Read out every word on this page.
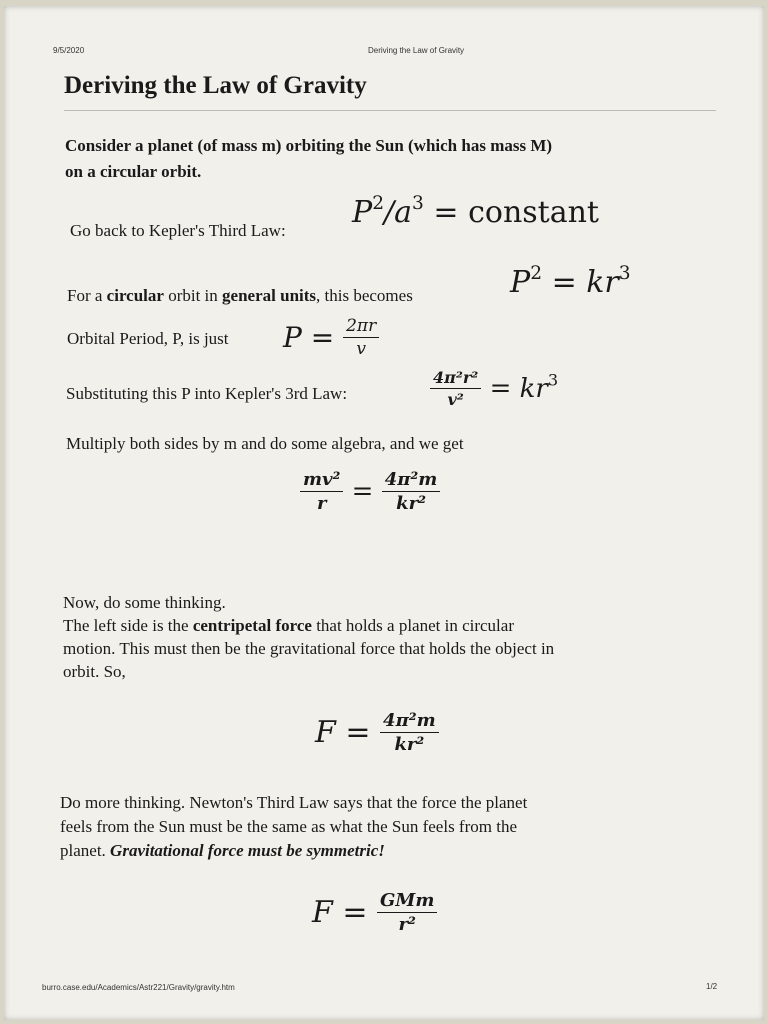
9/5/2020	Deriving the Law of Gravity
Deriving the Law of Gravity
Consider a planet (of mass m) orbiting the Sun (which has mass M)
on a circular orbit.
Go back to Kepler's Third Law:
$P^2/a^3$ = constant
For a circular orbit in general units, this becomes	$P^2 = kr^3$
Orbital Period, P, is just $P = \frac{2\pi r}{v}$
Substituting this P into Kepler's 3rd Law:	$\frac{\text{4π²r²}}{\text{v²}} = kr^3$
Multiply both sides by m and do some algebra, and we get
$\frac{\text{mv²}}{r} = \frac{\text{4π²m}}{\text{kr²}}$
Now, do some thinking.
The left side is the centripetal force that holds a planet in circular
motion. This must then be the gravitational force that holds the object in
orbit. So,
$F = \frac{\text{4π²m}}{\text{kr²}}$
Do more thinking. Newton's Third Law says that the force the planet
feels from the Sun must be the same as what the Sun feels from the
planet. Gravitational force must be symmetric!
$F = \frac{\text{GMm}}{\text{r²}}$
burro.case.edu/Academics/Astr221/Gravity/gravity.htm	1/2
